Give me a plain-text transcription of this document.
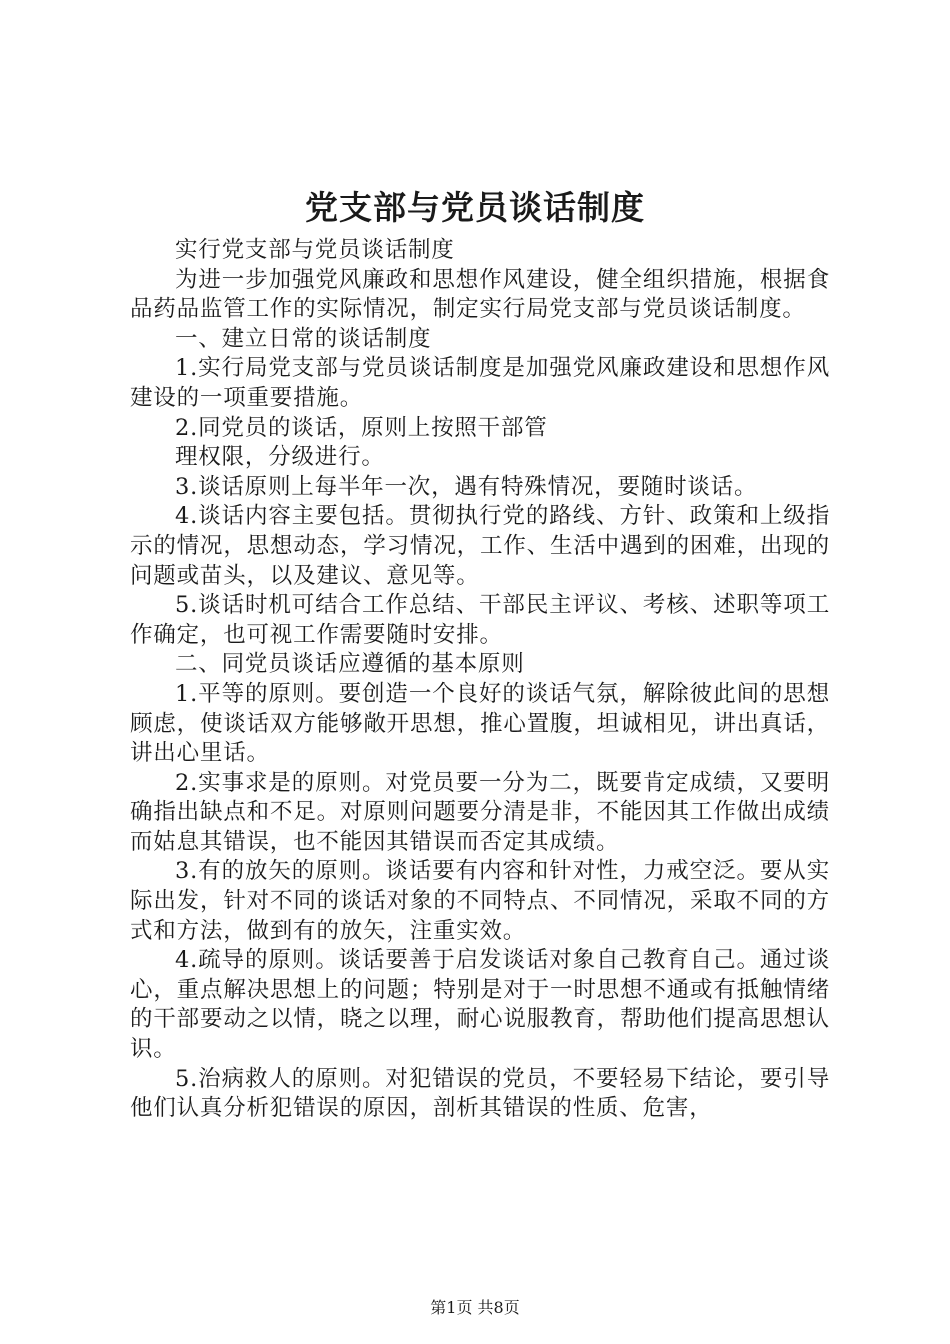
党支部与党员谈话制度

实行党支部与党员谈话制度

为进一步加强党风廉政和思想作风建设，健全组织措施，根据食品药品监管工作的实际情况，制定实行局党支部与党员谈话制度。

一、建立日常的谈话制度

1.实行局党支部与党员谈话制度是加强党风廉政建设和思想作风建设的一项重要措施。

2.同党员的谈话，原则上按照干部管

理权限，分级进行。

3.谈话原则上每半年一次，遇有特殊情况，要随时谈话。

4.谈话内容主要包括。贯彻执行党的路线、方针、政策和上级指示的情况，思想动态，学习情况，工作、生活中遇到的困难，出现的问题或苗头，以及建议、意见等。

5.谈话时机可结合工作总结、干部民主评议、考核、述职等项工作确定，也可视工作需要随时安排。

二、同党员谈话应遵循的基本原则

1.平等的原则。要创造一个良好的谈话气氛，解除彼此间的思想顾虑，使谈话双方能够敞开思想，推心置腹，坦诚相见，讲出真话，讲出心里话。

2.实事求是的原则。对党员要一分为二，既要肯定成绩，又要明确指出缺点和不足。对原则问题要分清是非，不能因其工作做出成绩而姑息其错误，也不能因其错误而否定其成绩。

3.有的放矢的原则。谈话要有内容和针对性，力戒空泛。要从实际出发，针对不同的谈话对象的不同特点、不同情况，采取不同的方式和方法，做到有的放矢，注重实效。

4.疏导的原则。谈话要善于启发谈话对象自己教育自己。通过谈心，重点解决思想上的问题；特别是对于一时思想不通或有抵触情绪的干部要动之以情，晓之以理，耐心说服教育，帮助他们提高思想认识。

5.治病救人的原则。对犯错误的党员，不要轻易下结论，要引导他们认真分析犯错误的原因，剖析其错误的性质、危害，

第1页 共8页
